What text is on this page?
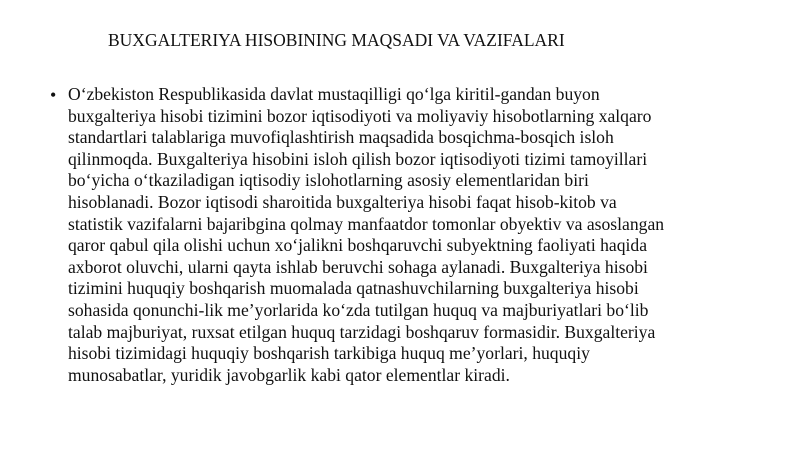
BUXGALTERIYA HISOBINING MAQSADI VA VAZIFALARI
• O‘zbekiston Respublikasida davlat mustaqilligi qo‘lga kiritil-gandan buyon
buxgalteriya hisobi tizimini bozor iqtisodiyoti va moliyaviy hisobotlarning xalqaro
standartlari talablariga muvofiqlashtirish maqsadida bosqichma-bosqich isloh
qilinmoqda. Buxgalteriya hisobini isloh qilish bozor iqtisodiyoti tizimi tamoyillari
bo‘yicha o‘tkaziladigan iqtisodiy islohotlarning asosiy elementlaridan biri
hisoblanadi. Bozor iqtisodi sharoitida buxgalteriya hisobi faqat hisob-kitob va
statistik vazifalarni bajaribgina qolmay manfaatdor tomonlar obyektiv va asoslangan
qaror qabul qila olishi uchun xo‘jalikni boshqaruvchi subyektning faoliyati haqida
axborot oluvchi, ularni qayta ishlab beruvchi sohaga aylanadi. Buxgalteriya hisobi
tizimini huquqiy boshqarish muomalada qatnashuvchilarning buxgalteriya hisobi
sohasida qonunchi-lik me’yorlarida ko‘zda tutilgan huquq va majburiyatlari bo‘lib
talab majburiyat, ruxsat etilgan huquq tarzidagi boshqaruv formasidir. Buxgalteriya
hisobi tizimidagi huquqiy boshqarish tarkibiga huquq me’yorlari, huquqiy
munosabatlar, yuridik javobgarlik kabi qator elementlar kiradi.
